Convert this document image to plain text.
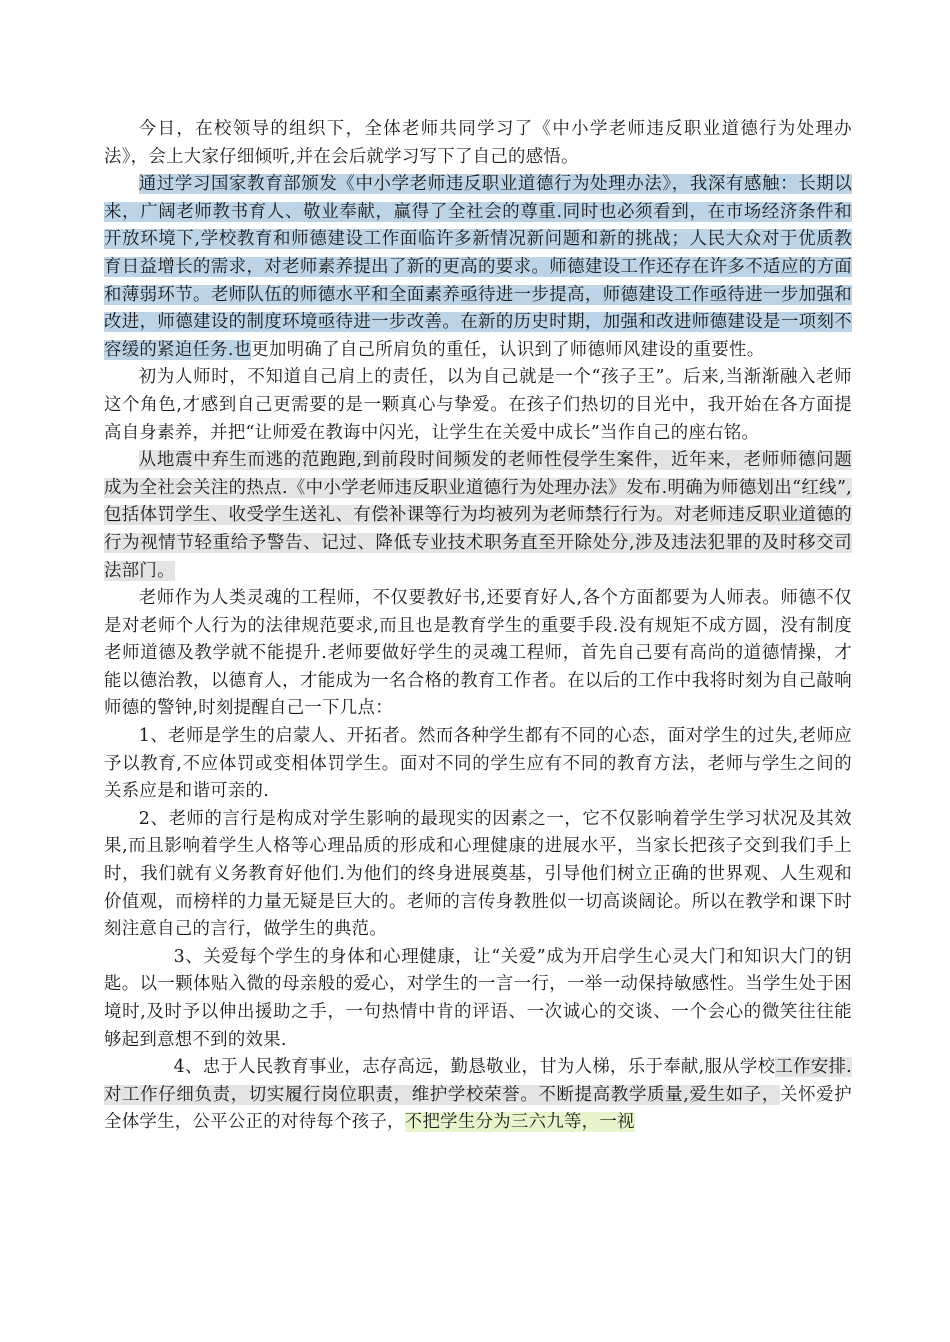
今日，在校领导的组织下，全体老师共同学习了《中小学老师违反职业道德行为处理办法》，会上大家仔细倾听,并在会后就学习写下了自己的感悟。

通过学习国家教育部颁发《中小学老师违反职业道德行为处理办法》，我深有感触：长期以来，广阔老师教书育人、敬业奉献，赢得了全社会的尊重.同时也必须看到，在市场经济条件和开放环境下,学校教育和师德建设工作面临许多新情况新问题和新的挑战；人民大众对于优质教育日益增长的需求，对老师素养提出了新的更高的要求。师德建设工作还存在许多不适应的方面和薄弱环节。老师队伍的师德水平和全面素养亟待进一步提高，师德建设工作亟待进一步加强和改进，师德建设的制度环境亟待进一步改善。在新的历史时期，加强和改进师德建设是一项刻不容缓的紧迫任务.也更加明确了自己所肩负的重任，认识到了师德师风建设的重要性。

初为人师时，不知道自己肩上的责任，以为自己就是一个“孩子王”。后来,当渐渐融入老师这个角色,才感到自己更需要的是一颗真心与挚爱。在孩子们热切的目光中，我开始在各方面提高自身素养，并把“让师爱在教诲中闪光，让学生在关爱中成长”当作自己的座右铭。

从地震中弃生而逃的范跑跑,到前段时间频发的老师性侵学生案件，近年来，老师师德问题成为全社会关注的热点.《中小学老师违反职业道德行为处理办法》发布.明确为师德划出“红线”,包括体罚学生、收受学生送礼、有偿补课等行为均被列为老师禁行行为。对老师违反职业道德的行为视情节轻重给予警告、记过、降低专业技术职务直至开除处分,涉及违法犯罪的及时移交司法部门。

老师作为人类灵魂的工程师，不仅要教好书,还要育好人,各个方面都要为人师表。师德不仅是对老师个人行为的法律规范要求,而且也是教育学生的重要手段.没有规矩不成方圆，没有制度老师道德及教学就不能提升.老师要做好学生的灵魂工程师，首先自己要有高尚的道德情操，才能以德治教，以德育人，才能成为一名合格的教育工作者。在以后的工作中我将时刻为自己敲响师德的警钟,时刻提醒自己一下几点：

1、老师是学生的启蒙人、开拓者。然而各种学生都有不同的心态，面对学生的过失,老师应予以教育,不应体罚或变相体罚学生。面对不同的学生应有不同的教育方法，老师与学生之间的关系应是和谐可亲的.

2、老师的言行是构成对学生影响的最现实的因素之一，它不仅影响着学生学习状况及其效果,而且影响着学生人格等心理品质的形成和心理健康的进展水平，当家长把孩子交到我们手上时，我们就有义务教育好他们.为他们的终身进展奠基，引导他们树立正确的世界观、人生观和价值观，而榜样的力量无疑是巨大的。老师的言传身教胜似一切高谈阔论。所以在教学和课下时刻注意自己的言行，做学生的典范。

3、关爱每个学生的身体和心理健康，让“关爱”成为开启学生心灵大门和知识大门的钥匙。以一颗体贴入微的母亲般的爱心，对学生的一言一行，一举一动保持敏感性。当学生处于困境时,及时予以伸出援助之手，一句热情中肯的评语、一次诚心的交谈、一个会心的微笑往往能够起到意想不到的效果.

4、忠于人民教育事业，志存高远，勤恳敬业，甘为人梯，乐于奉献,服从学校工作安排.对工作仔细负责，切实履行岗位职责，维护学校荣誉。不断提高教学质量,爱生如子，关怀爱护全体学生，公平公正的对待每个孩子，不把学生分为三六九等，一视
